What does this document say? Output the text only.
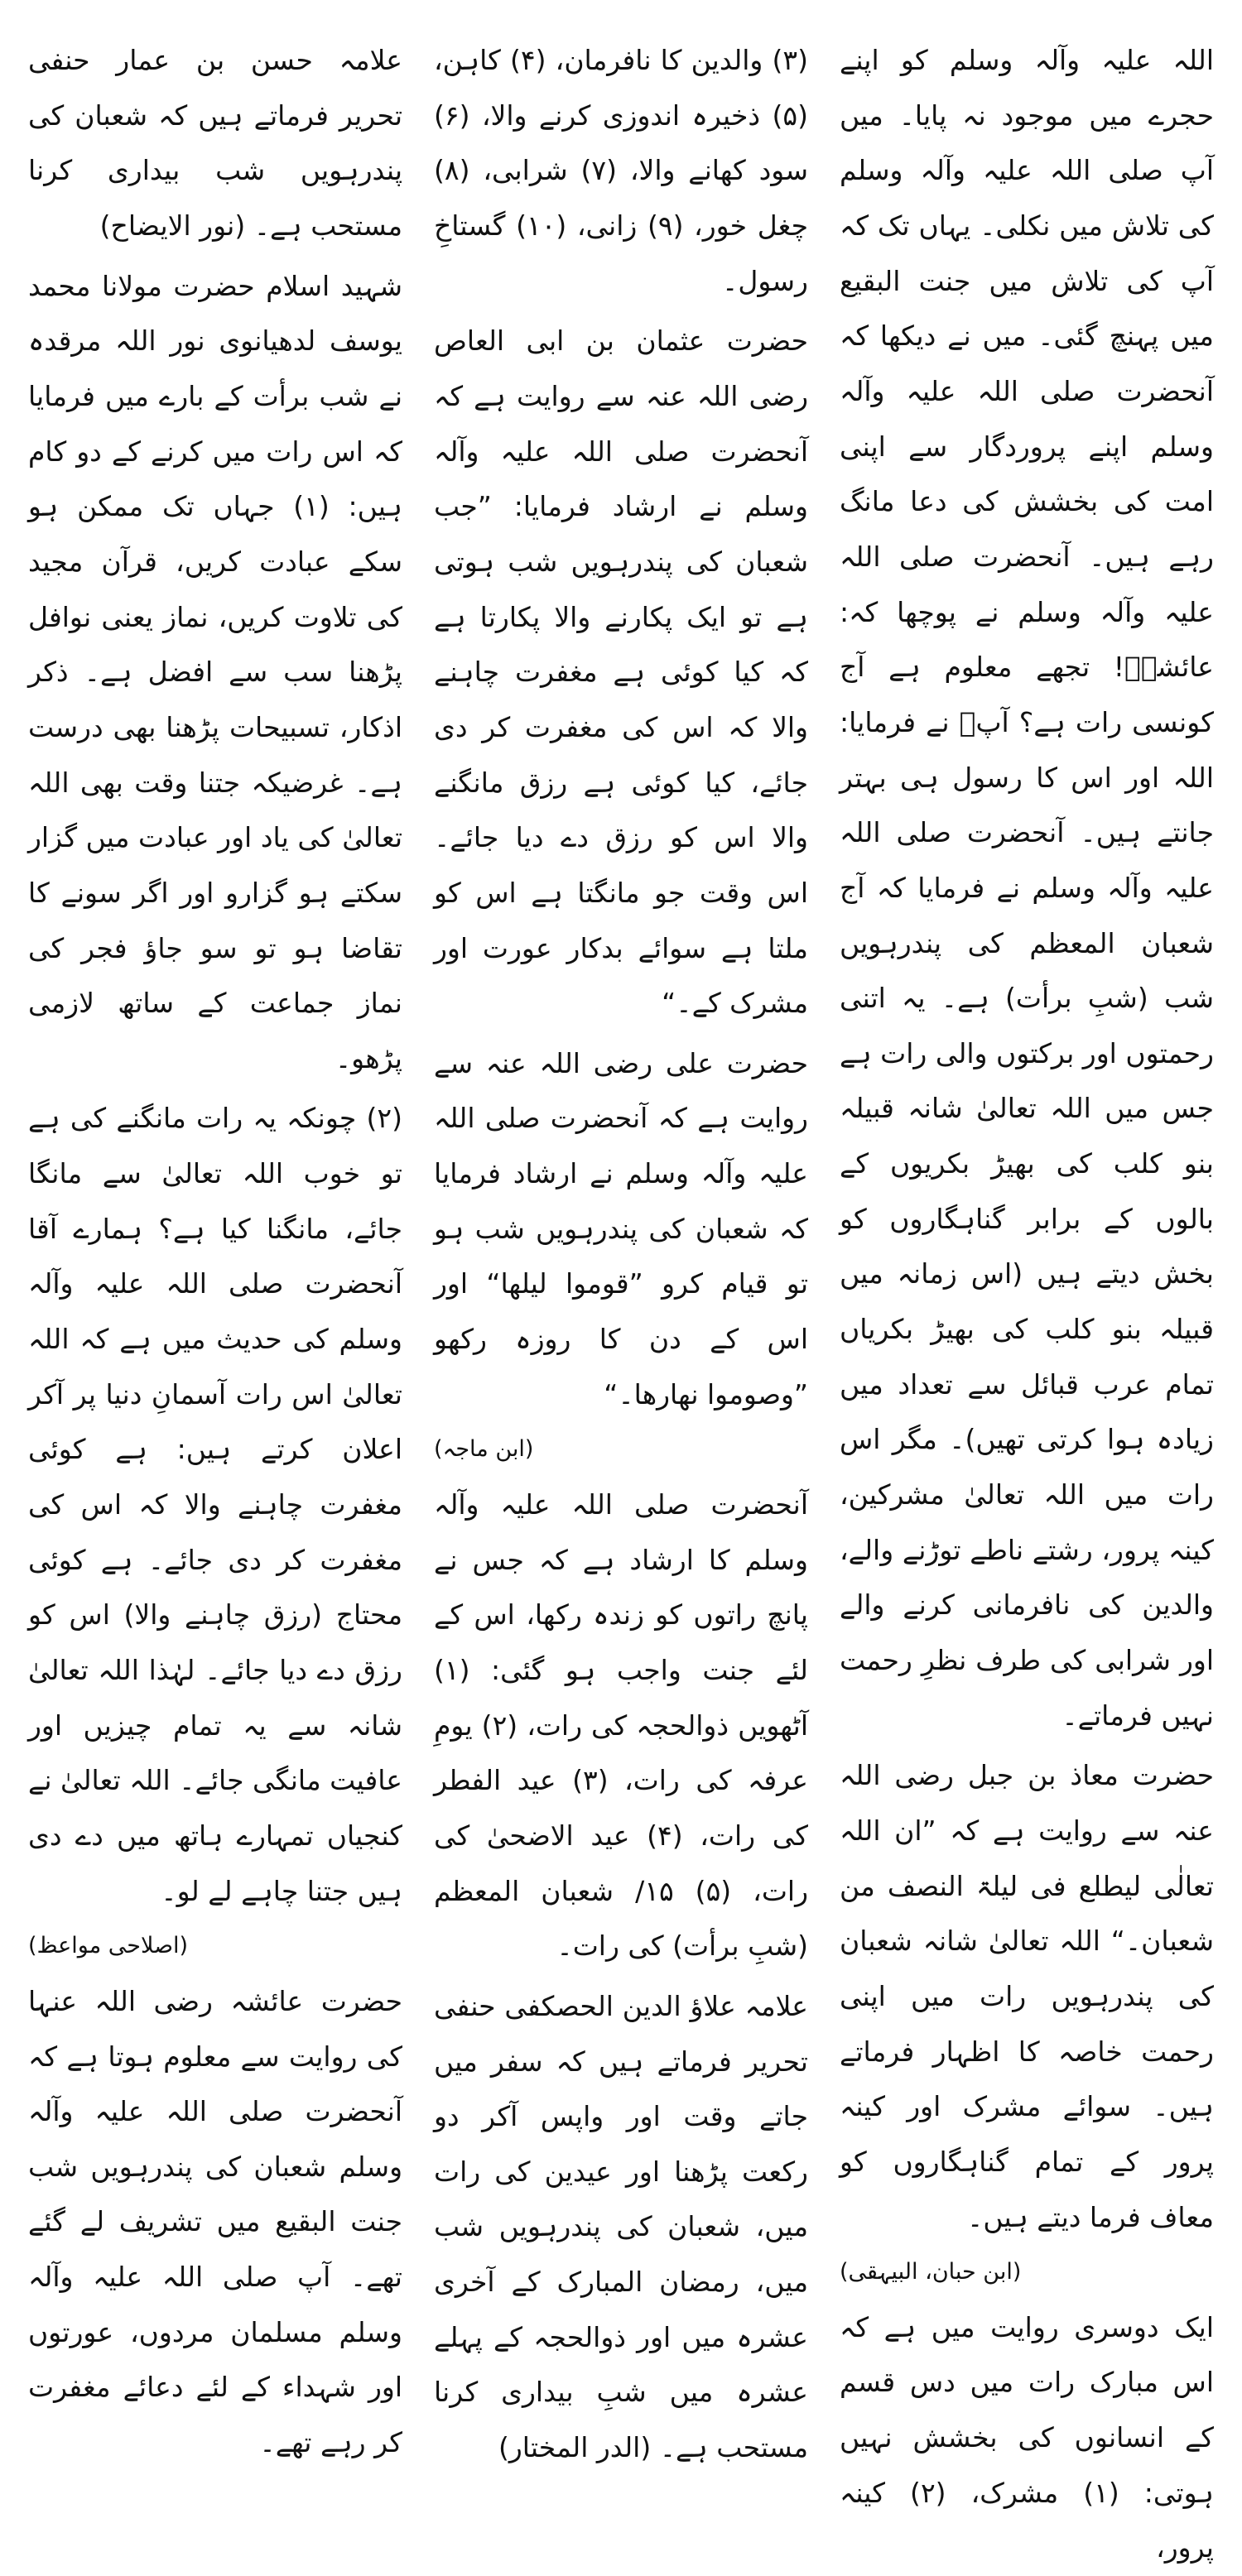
اللہ علیہ وآلہ وسلم کو اپنے حجرے میں موجود نہ پایا۔ میں آپ صلی اللہ علیہ وآلہ وسلم کی تلاش میں نکلی۔ یہاں تک کہ آپ کی تلاش میں جنت البقیع میں پہنچ گئی۔ میں نے دیکھا کہ آنحضرت صلی اللہ علیہ وآلہ وسلم اپنے پروردگار سے اپنی امت کی بخشش کی دعا مانگ رہے ہیں۔ آنحضرت صلی اللہ علیہ وآلہ وسلم نے پوچھا کہ: عائشہؓ! تجھے معلوم ہے آج کونسی رات ہے؟ آپؓ نے فرمایا: اللہ اور اس کا رسول ہی بہتر جانتے ہیں۔ آنحضرت صلی اللہ علیہ وآلہ وسلم نے فرمایا کہ آج شعبان المعظم کی پندرہویں شب (شبِ برأت) ہے۔ یہ اتنی رحمتوں اور برکتوں والی رات ہے جس میں اللہ تعالیٰ شانہ قبیلہ بنو کلب کی بھیڑ بکریوں کے بالوں کے برابر گناہگاروں کو بخش دیتے ہیں (اس زمانہ میں قبیلہ بنو کلب کی بھیڑ بکریاں تمام عرب قبائل سے تعداد میں زیادہ ہوا کرتی تھیں)۔ مگر اس رات میں اللہ تعالیٰ مشرکین، کینہ پرور، رشتے ناطے توڑنے والے، والدین کی نافرمانی کرنے والے اور شرابی کی طرف نظرِ رحمت نہیں فرماتے۔

حضرت معاذ بن جبل رضی اللہ عنہ سے روایت ہے کہ ”ان اللہ تعالٰی لیطلع فی لیلۃ النصف من شعبان۔“ اللہ تعالیٰ شانہ شعبان کی پندرہویں رات میں اپنی رحمت خاصہ کا اظہار فرماتے ہیں۔ سوائے مشرک اور کینہ پرور کے تمام گناہگاروں کو معاف فرما دیتے ہیں۔

(ابن حبان، البیہقی)

ایک دوسری روایت میں ہے کہ اس مبارک رات میں دس قسم کے انسانوں کی بخشش نہیں ہوتی: (۱) مشرک، (۲) کینہ پرور،

(۳) والدین کا نافرمان، (۴) کاہن، (۵) ذخیرہ اندوزی کرنے والا، (۶) سود کھانے والا، (۷) شرابی، (۸) چغل خور، (۹) زانی، (۱۰) گستاخِ رسول۔

حضرت عثمان بن ابی العاص رضی اللہ عنہ سے روایت ہے کہ آنحضرت صلی اللہ علیہ وآلہ وسلم نے ارشاد فرمایا: ”جب شعبان کی پندرہویں شب ہوتی ہے تو ایک پکارنے والا پکارتا ہے کہ کیا کوئی ہے مغفرت چاہنے والا کہ اس کی مغفرت کر دی جائے، کیا کوئی ہے رزق مانگنے والا اس کو رزق دے دیا جائے۔ اس وقت جو مانگتا ہے اس کو ملتا ہے سوائے بدکار عورت اور مشرک کے۔“

حضرت علی رضی اللہ عنہ سے روایت ہے کہ آنحضرت صلی اللہ علیہ وآلہ وسلم نے ارشاد فرمایا کہ شعبان کی پندرہویں شب ہو تو قیام کرو ”قوموا لیلھا“ اور اس کے دن کا روزہ رکھو ”وصوموا نھارھا۔“

(ابن ماجہ)

آنحضرت صلی اللہ علیہ وآلہ وسلم کا ارشاد ہے کہ جس نے پانچ راتوں کو زندہ رکھا، اس کے لئے جنت واجب ہو گئی: (۱) آٹھویں ذوالحجہ کی رات، (۲) یومِ عرفہ کی رات، (۳) عید الفطر کی رات، (۴) عید الاضحیٰ کی رات، (۵) ۱۵/ شعبان المعظم (شبِ برأت) کی رات۔

علامہ علاؤ الدین الحصکفی حنفی تحریر فرماتے ہیں کہ سفر میں جاتے وقت اور واپس آکر دو رکعت پڑھنا اور عیدین کی رات میں، شعبان کی پندرہویں شب میں، رمضان المبارک کے آخری عشرہ میں اور ذوالحجہ کے پہلے عشرہ میں شبِ بیداری کرنا مستحب ہے۔ (الدر المختار)

علامہ حسن بن عمار حنفی تحریر فرماتے ہیں کہ شعبان کی پندرہویں شب بیداری کرنا مستحب ہے۔ (نور الایضاح)

شہید اسلام حضرت مولانا محمد یوسف لدھیانوی نور اللہ مرقدہ نے شب برأت کے بارے میں فرمایا کہ اس رات میں کرنے کے دو کام ہیں: (۱) جہاں تک ممکن ہو سکے عبادت کریں، قرآن مجید کی تلاوت کریں، نماز یعنی نوافل پڑھنا سب سے افضل ہے۔ ذکر اذکار، تسبیحات پڑھنا بھی درست ہے۔ غرضیکہ جتنا وقت بھی اللہ تعالیٰ کی یاد اور عبادت میں گزار سکتے ہو گزارو اور اگر سونے کا تقاضا ہو تو سو جاؤ فجر کی نماز جماعت کے ساتھ لازمی پڑھو۔

(۲) چونکہ یہ رات مانگنے کی ہے تو خوب اللہ تعالیٰ سے مانگا جائے، مانگنا کیا ہے؟ ہمارے آقا آنحضرت صلی اللہ علیہ وآلہ وسلم کی حدیث میں ہے کہ اللہ تعالیٰ اس رات آسمانِ دنیا پر آکر اعلان کرتے ہیں: ہے کوئی مغفرت چاہنے والا کہ اس کی مغفرت کر دی جائے۔ ہے کوئی محتاج (رزق چاہنے والا) اس کو رزق دے دیا جائے۔ لہٰذا اللہ تعالیٰ شانہ سے یہ تمام چیزیں اور عافیت مانگی جائے۔ اللہ تعالیٰ نے کنجیاں تمہارے ہاتھ میں دے دی ہیں جتنا چاہے لے لو۔

(اصلاحی مواعظ)

حضرت عائشہ رضی اللہ عنہا کی روایت سے معلوم ہوتا ہے کہ آنحضرت صلی اللہ علیہ وآلہ وسلم شعبان کی پندرہویں شب جنت البقیع میں تشریف لے گئے تھے۔ آپ صلی اللہ علیہ وآلہ وسلم مسلمان مردوں، عورتوں اور شہداء کے لئے دعائے مغفرت کر رہے تھے۔
